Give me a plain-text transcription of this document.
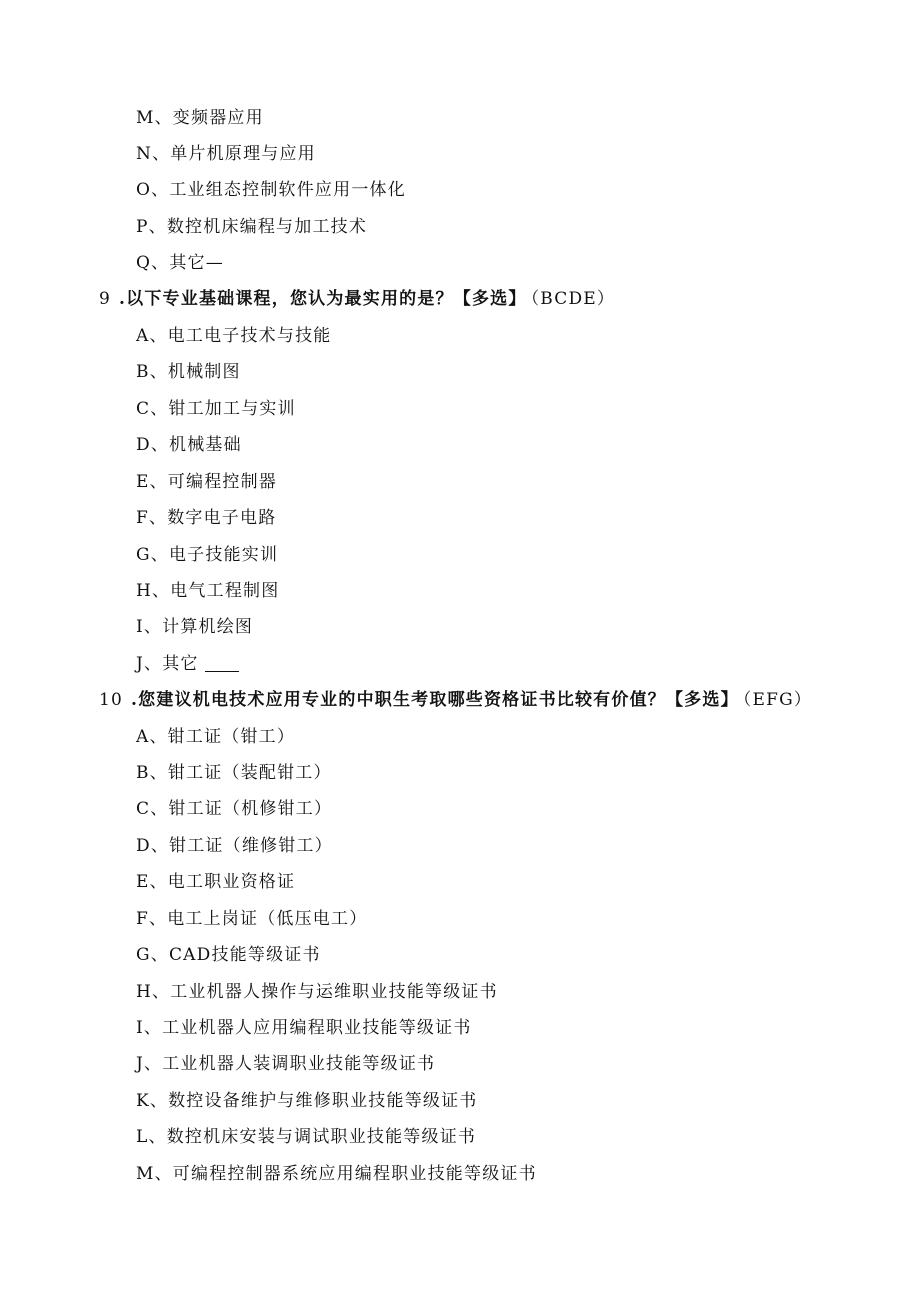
M、变频器应用
N、单片机原理与应用
O、工业组态控制软件应用一体化
P、数控机床编程与加工技术
Q、其它—
9 .以下专业基础课程，您认为最实用的是？【多选】 （BCDE）
A、电工电子技术与技能
B、机械制图
C、钳工加工与实训
D、机械基础
E、可编程控制器
F、数字电子电路
G、电子技能实训
H、电气工程制图
I、计算机绘图
J、其它
10 .您建议机电技术应用专业的中职生考取哪些资格证书比较有价值？【多选】 （EFG）
A、钳工证（钳工）
B、钳工证（装配钳工）
C、钳工证（机修钳工）
D、钳工证（维修钳工）
E、电工职业资格证
F、电工上岗证（低压电工）
G、CAD技能等级证书
H、工业机器人操作与运维职业技能等级证书
I、工业机器人应用编程职业技能等级证书
J、工业机器人装调职业技能等级证书
K、数控设备维护与维修职业技能等级证书
L、数控机床安装与调试职业技能等级证书
M、可编程控制器系统应用编程职业技能等级证书
